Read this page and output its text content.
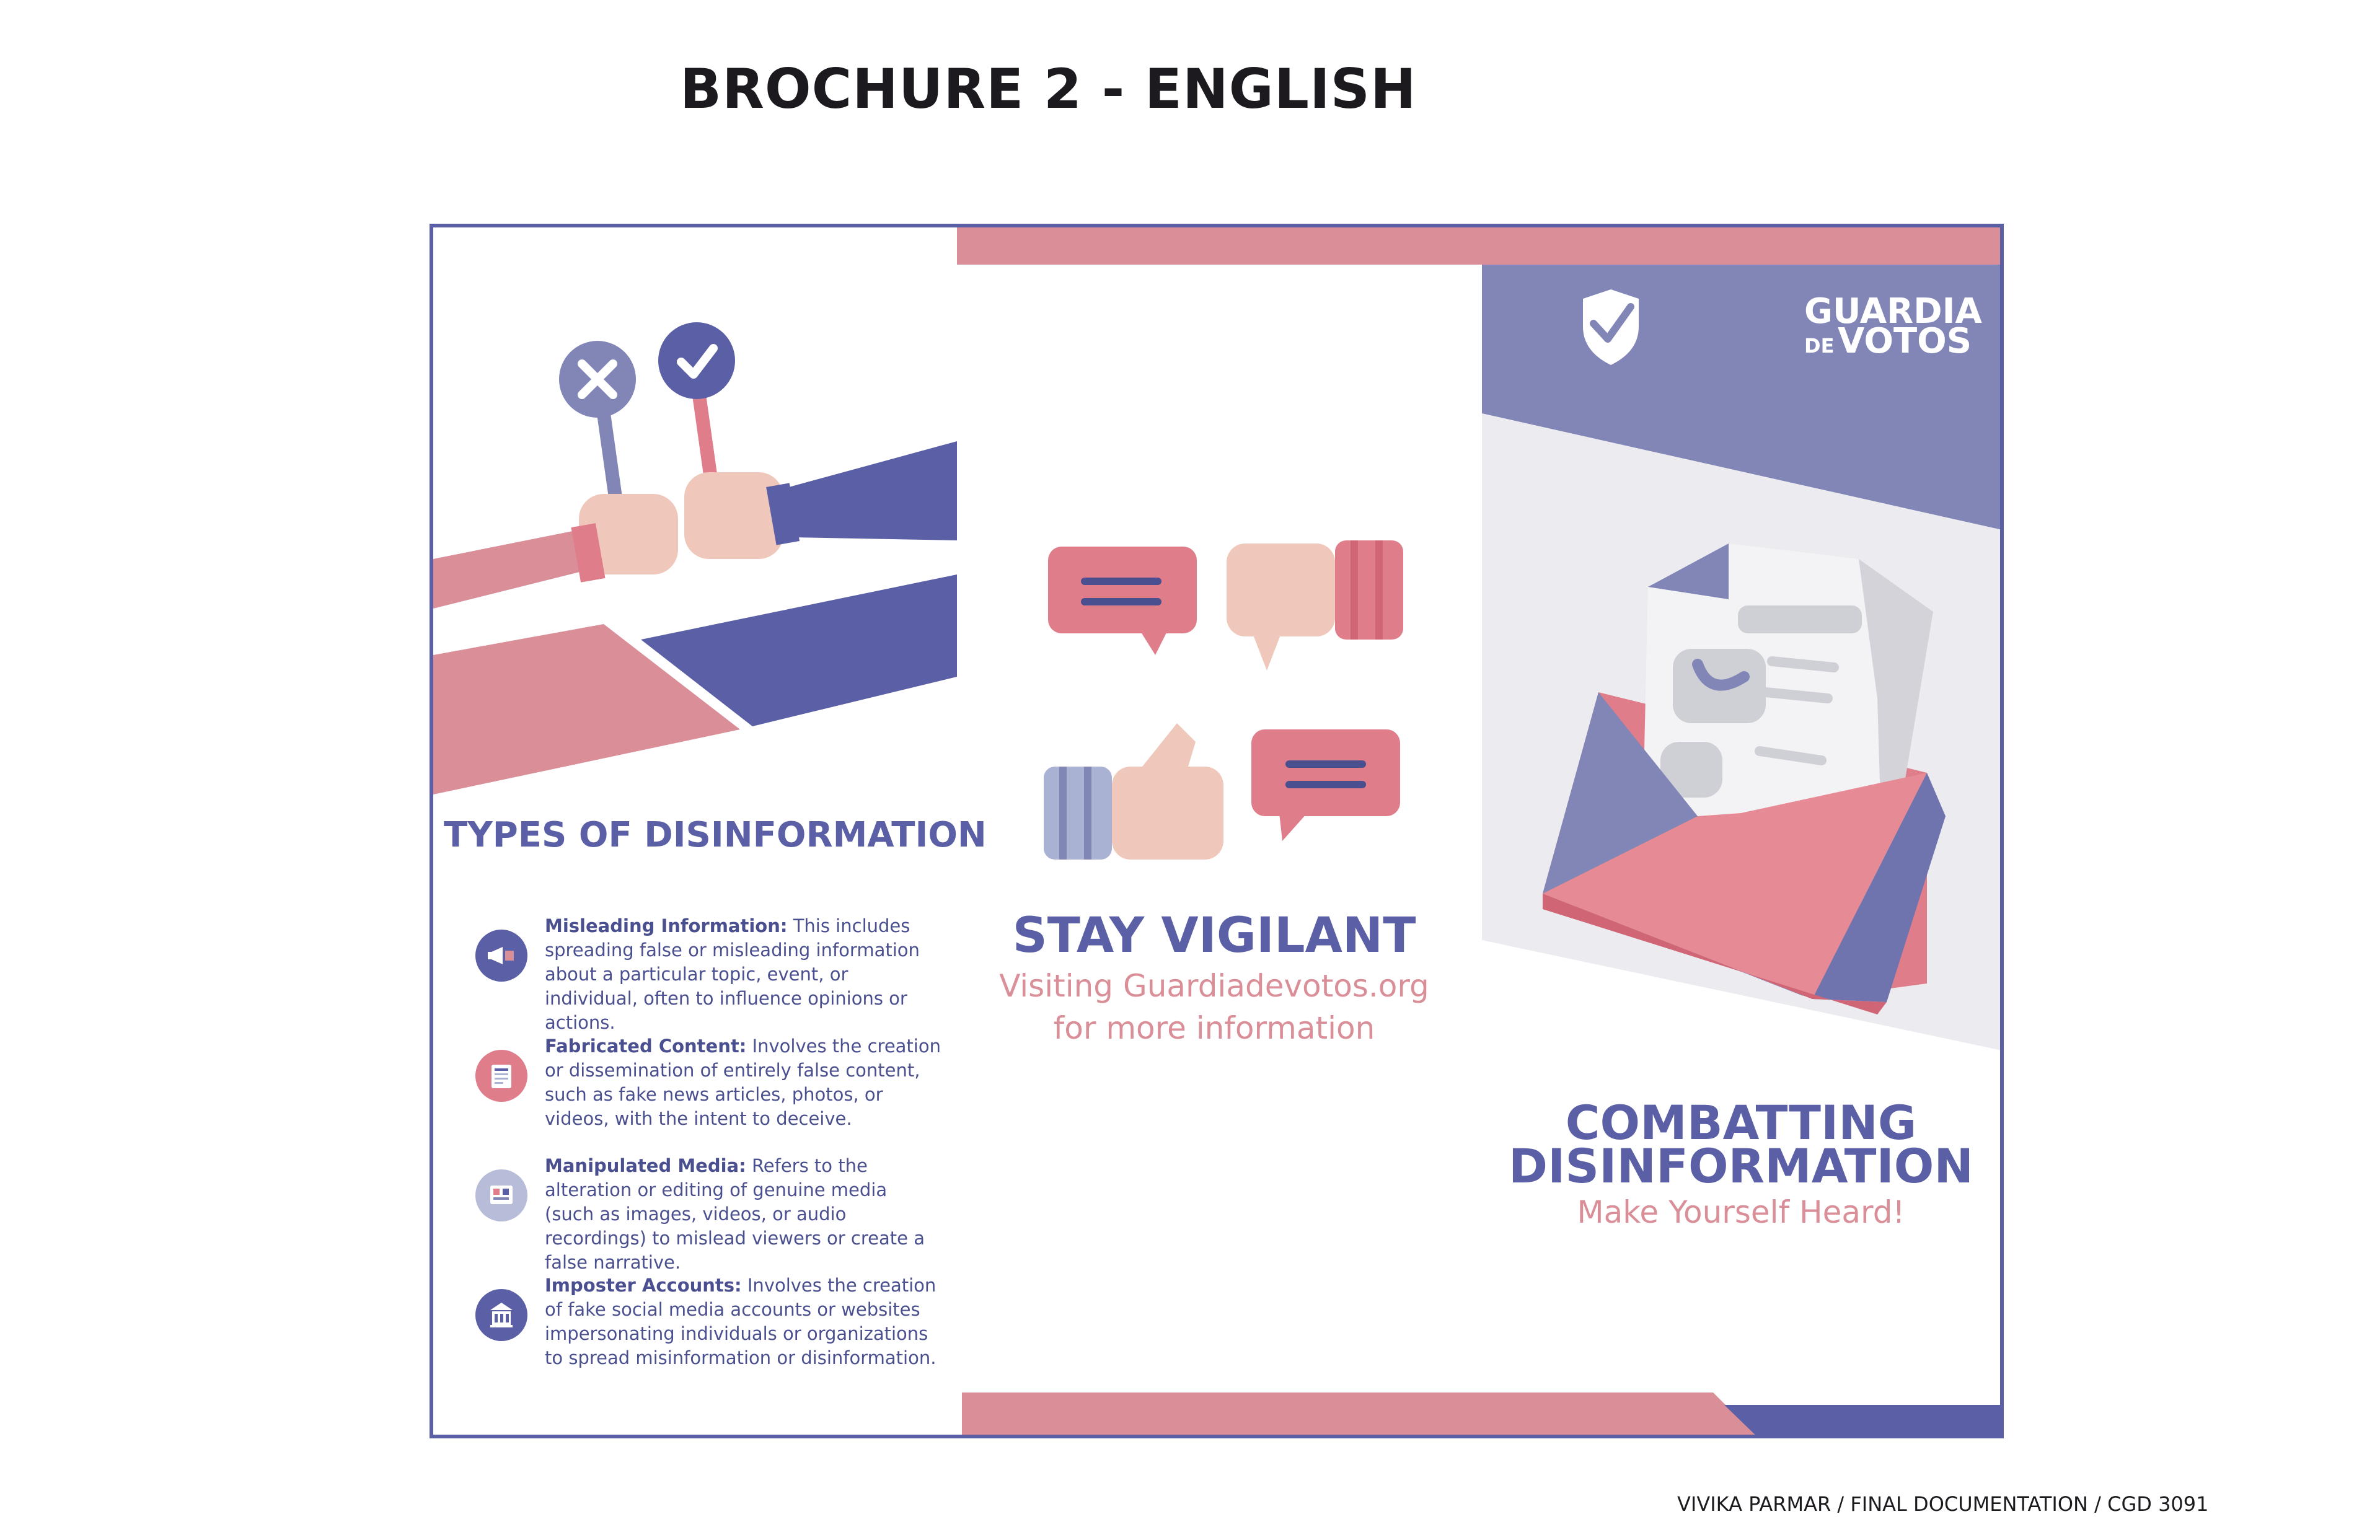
BROCHURE 2 - ENGLISH
TYPES OF DISINFORMATION

Misleading Information: This includes spreading false or misleading information about a particular topic, event, or individual, often to influence opinions or actions.

Fabricated Content: Involves the creation or dissemination of entirely false content, such as fake news articles, photos, or videos, with the intent to deceive.

Manipulated Media: Refers to the alteration or editing of genuine media (such as images, videos, or audio recordings) to mislead viewers or create a false narrative.

Imposter Accounts: Involves the creation of fake social media accounts or websites impersonating individuals or organizations to spread misinformation or disinformation.

STAY VIGILANT

Visiting Guardiadevotos.org
for more information

GUARDIA
DE VOTOS

COMBATTING
DISINFORMATION

Make Yourself Heard!

VIVIKA PARMAR / FINAL DOCUMENTATION / CGD 3091
